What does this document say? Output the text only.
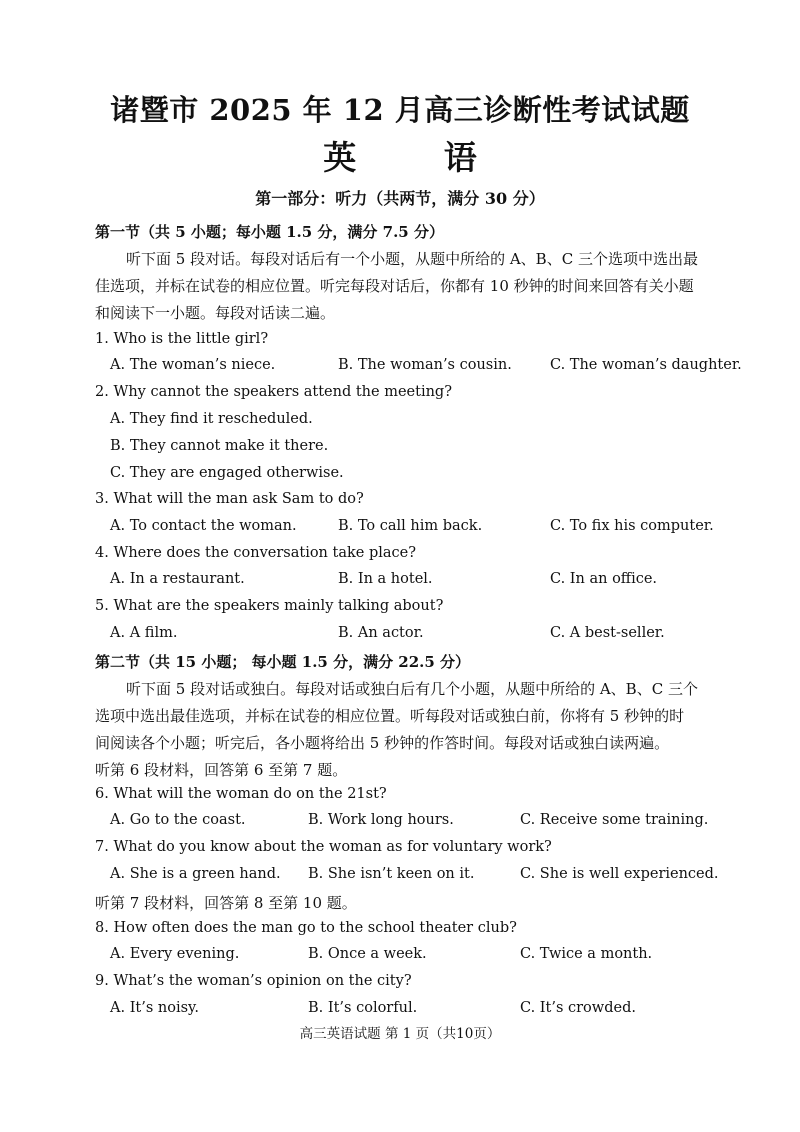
诸暨市 2025 年 12 月高三诊断性考试试题
英 语
第一部分：听力（共两节，满分 30 分）
第一节（共 5 小题；每小题 1.5 分，满分 7.5 分）
听下面 5 段对话。每段对话后有一个小题，从题中所给的 A、B、C 三个选项中选出最
佳选项，并标在试卷的相应位置。听完每段对话后，你都有 10 秒钟的时间来回答有关小题
和阅读下一小题。每段对话读二遍。
1. Who is the little girl?
A. The woman’s niece.	B. The woman’s cousin.	C. The woman’s daughter.
2. Why cannot the speakers attend the meeting?
A. They find it rescheduled.
B. They cannot make it there.
C. They are engaged otherwise.
3. What will the man ask Sam to do?
A. To contact the woman.	B. To call him back.	C. To fix his computer.
4. Where does the conversation take place?
A. In a restaurant.	B. In a hotel.	C. In an office.
5. What are the speakers mainly talking about?
A. A film.	B. An actor.	C. A best-seller.
第二节（共 15 小题； 每小题 1.5 分，满分 22.5 分）
听下面 5 段对话或独白。每段对话或独白后有几个小题，从题中所给的 A、B、C 三个
选项中选出最佳选项，并标在试卷的相应位置。听每段对话或独白前，你将有 5 秒钟的时
间阅读各个小题；听完后，各小题将给出 5 秒钟的作答时间。每段对话或独白读两遍。
听第 6 段材料，回答第 6 至第 7 题。
6. What will the woman do on the 21st?
A. Go to the coast.	B. Work long hours.	C. Receive some training.
7. What do you know about the woman as for voluntary work?
A. She is a green hand. B. She isn’t keen on it.	C. She is well experienced.
听第 7 段材料，回答第 8 至第 10 题。
8. How often does the man go to the school theater club?
A. Every evening.	B. Once a week.	C. Twice a month.
9. What’s the woman’s opinion on the city?
A. It’s noisy.	B. It’s colorful.	C. It’s crowded.
高三英语试题 第 1 页（共10页）
